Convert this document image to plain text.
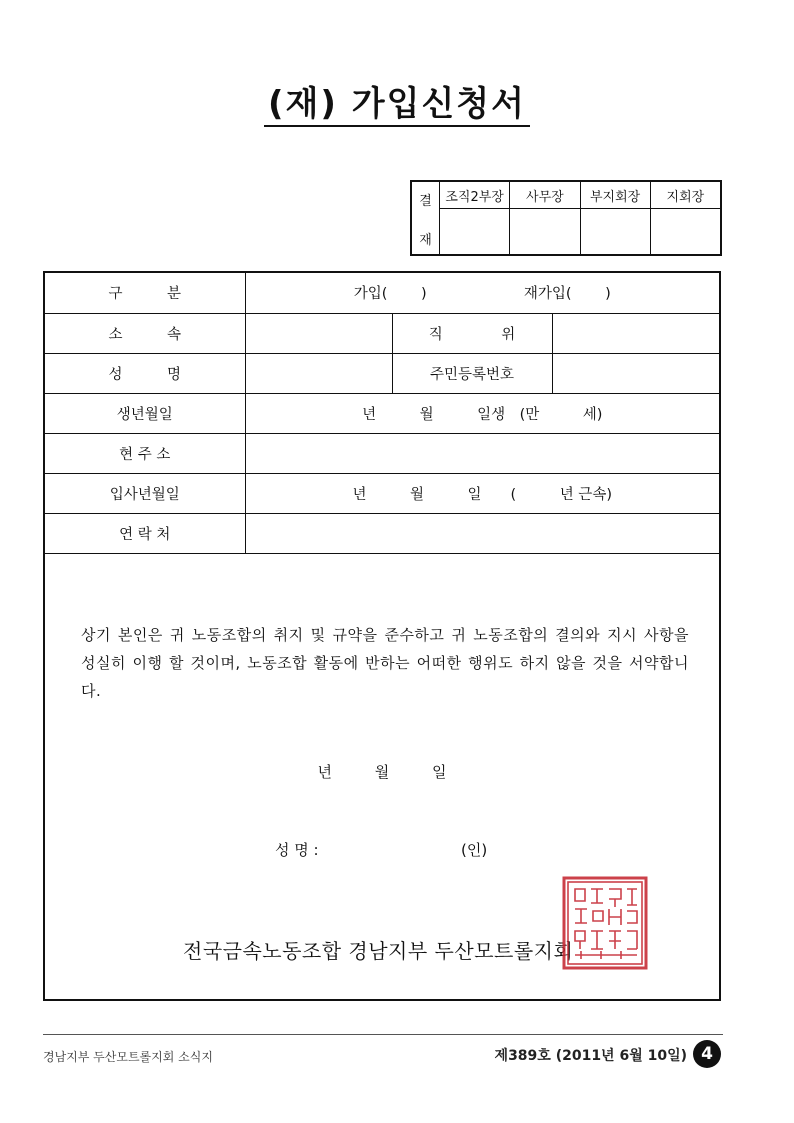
(재) 가입신청서
결
재
조직2부장	사무장	부지회장	지회장
구 분	가입(　　 ) 재가입(　　 )		
소 속		직 위	
성 명		주민등록번호	
생년월일	년　　　월　　　일생　(만　　　세)		
현 주 소			
입사년월일	년　　　월　　　일　　(　　　년 근속)		
연 락 처			
상기 본인은 귀 노동조합의 취지 및 규약을 준수하고 귀 노동조합의 결의와 지시 사항을 성실히 이행 할 것이며, 노동조합 활동에 반하는 어떠한 행위도 하지 않을 것을 서약합니다.
년 월 일
성 명 :	(인)
전국금속노동조합 경남지부 두산모트롤지회
경남지부 두산모트롤지회 소식지	제389호 (2011년 6월 10일) 4
